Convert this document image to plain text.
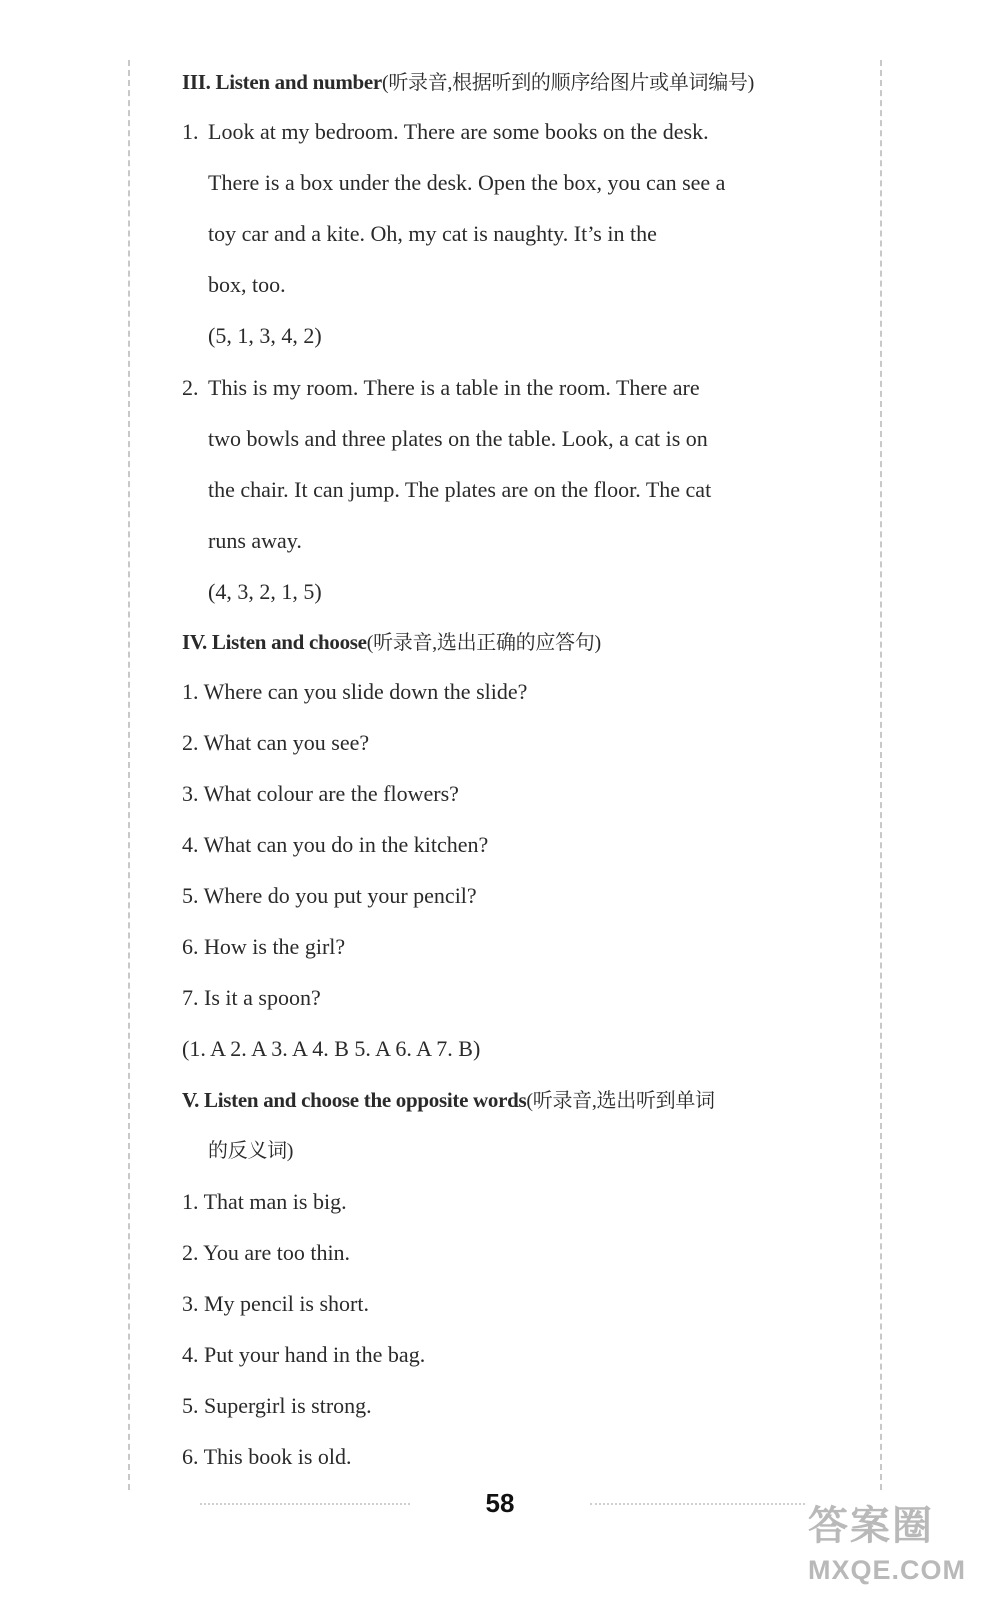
III. Listen and number(听录音,根据听到的顺序给图片或单词编号)
1. Look at my bedroom. There are some books on the desk.
There is a box under the desk. Open the box, you can see a
toy car and a kite. Oh, my cat is naughty. It’s in the
box, too.
(5, 1, 3, 4, 2)
2. This is my room. There is a table in the room. There are
two bowls and three plates on the table. Look, a cat is on
the chair. It can jump. The plates are on the floor. The cat
runs away.
(4, 3, 2, 1, 5)
IV. Listen and choose(听录音,选出正确的应答句)
1. Where can you slide down the slide?
2. What can you see?
3. What colour are the flowers?
4. What can you do in the kitchen?
5. Where do you put your pencil?
6. How is the girl?
7. Is it a spoon?
(1. A 2. A 3. A 4. B 5. A 6. A 7. B)
V. Listen and choose the opposite words(听录音,选出听到单词
的反义词)
1. That man is big.
2. You are too thin.
3. My pencil is short.
4. Put your hand in the bag.
5. Supergirl is strong.
6. This book is old.
58
答案圈
MXQE.COM
